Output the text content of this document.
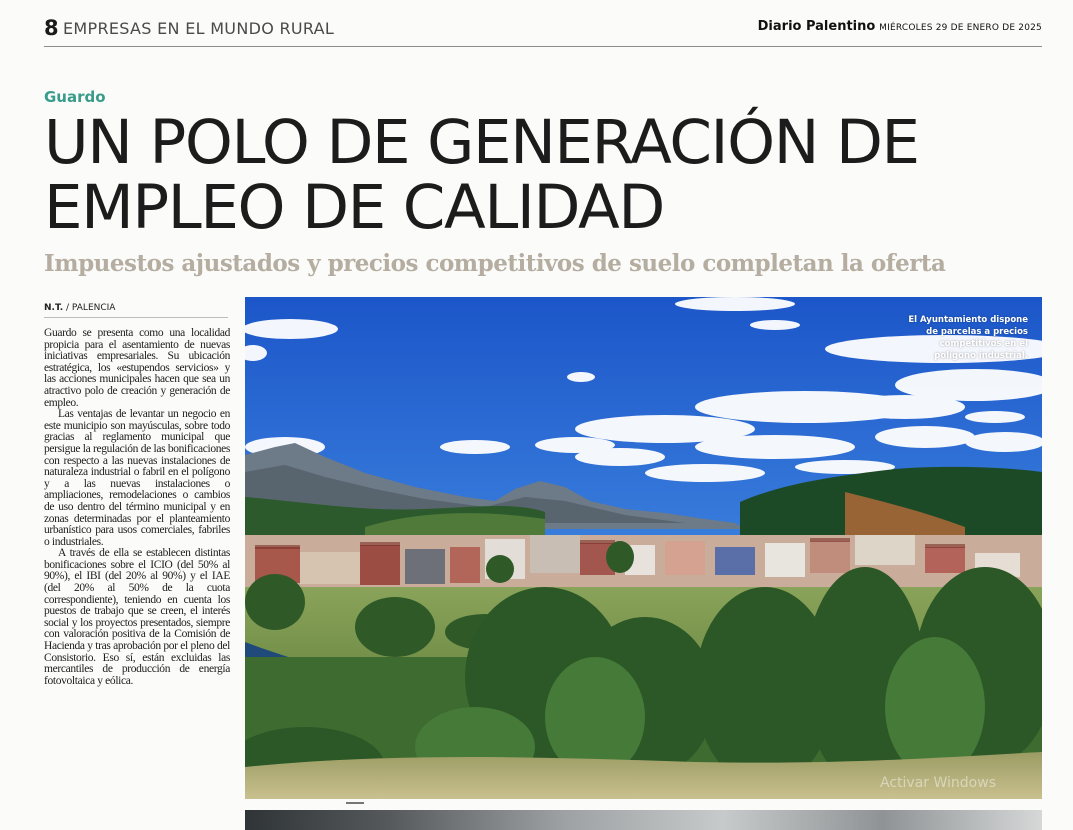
8 EMPRESAS EN EL MUNDO RURAL	Diario Palentino MIÉRCOLES 29 DE ENERO DE 2025
Guardo
UN POLO DE GENERACIÓN DE
EMPLEO DE CALIDAD
Impuestos ajustados y precios competitivos de suelo completan la oferta
N.T. / PALENCIA

Guardo se presenta como una localidad propicia para el asentamiento de nuevas iniciativas empresariales. Su ubicación estratégica, los «estupendos servicios» y las acciones municipales hacen que sea un atractivo polo de creación y generación de empleo.

Las ventajas de levantar un negocio en este municipio son mayúsculas, sobre todo gracias al reglamento municipal que persigue la regulación de las bonificaciones con respecto a las nuevas instalaciones de naturaleza industrial o fabril en el polígono y a las nuevas instalaciones o ampliaciones, remodelaciones o cambios de uso dentro del término municipal y en zonas determinadas por el planteamiento urbanístico para usos comerciales, fabriles o industriales.

A través de ella se establecen distintas bonificaciones sobre el ICIO (del 50% al 90%), el IBI (del 20% al 90%) y el IAE (del 20% al 50% de la cuota correspondiente), teniendo en cuenta los puestos de trabajo que se creen, el interés social y los proyectos presentados, siempre con valoración positiva de la Comisión de Hacienda y tras aprobación por el pleno del Consistorio. Eso sí, están excluidas las mercantiles de producción de energía fotovoltaica y eólica.

El Ayuntamiento dispone de parcelas a precios competitivos en el polígono industrial.
Activar Windows
